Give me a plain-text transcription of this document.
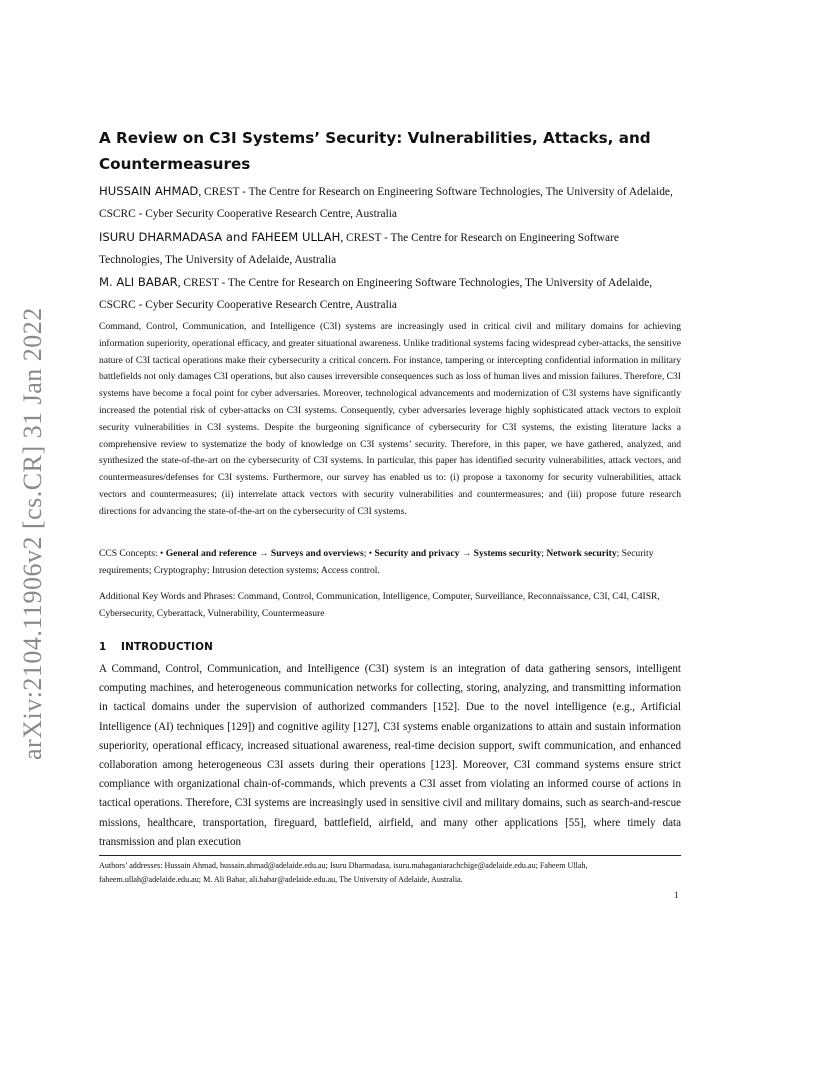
arXiv:2104.11906v2 [cs.CR] 31 Jan 2022
A Review on C3I Systems’ Security: Vulnerabilities, Attacks, and
Countermeasures

HUSSAIN AHMAD, CREST - The Centre for Research on Engineering Software Technologies, The University of Adelaide, CSCRC - Cyber Security Cooperative Research Centre, Australia

ISURU DHARMADASA and FAHEEM ULLAH, CREST - The Centre for Research on Engineering Software Technologies, The University of Adelaide, Australia

M. ALI BABAR, CREST - The Centre for Research on Engineering Software Technologies, The University of Adelaide, CSCRC - Cyber Security Cooperative Research Centre, Australia

Command, Control, Communication, and Intelligence (C3I) systems are increasingly used in critical civil and military domains for achieving information superiority, operational efficacy, and greater situational awareness. Unlike traditional systems facing widespread cyber-attacks, the sensitive nature of C3I tactical operations make their cybersecurity a critical concern. For instance, tampering or intercepting confidential information in military battlefields not only damages C3I operations, but also causes irreversible consequences such as loss of human lives and mission failures. Therefore, C3I systems have become a focal point for cyber adversaries. Moreover, technological advancements and modernization of C3I systems have significantly increased the potential risk of cyber-attacks on C3I systems. Consequently, cyber adversaries leverage highly sophisticated attack vectors to exploit security vulnerabilities in C3I systems. Despite the burgeoning significance of cybersecurity for C3I systems, the existing literature lacks a comprehensive review to systematize the body of knowledge on C3I systems’ security. Therefore, in this paper, we have gathered, analyzed, and synthesized the state-of-the-art on the cybersecurity of C3I systems. In particular, this paper has identified security vulnerabilities, attack vectors, and countermeasures/defenses for C3I systems. Furthermore, our survey has enabled us to: (i) propose a taxonomy for security vulnerabilities, attack vectors and countermeasures; (ii) interrelate attack vectors with security vulnerabilities and countermeasures; and (iii) propose future research directions for advancing the state-of-the-art on the cybersecurity of C3I systems.
CCS Concepts: • General and reference → Surveys and overviews; • Security and privacy → Systems security; Network security; Security requirements; Cryptography; Intrusion detection systems; Access control.
Additional Key Words and Phrases: Command, Control, Communication, Intelligence, Computer, Surveillance, Reconnaissance, C3I, C4I, C4ISR, Cybersecurity, Cyberattack, Vulnerability, Countermeasure
1 INTRODUCTION
A Command, Control, Communication, and Intelligence (C3I) system is an integration of data gathering sensors, intelligent computing machines, and heterogeneous communication networks for collecting, storing, analyzing, and transmitting information in tactical domains under the supervision of authorized commanders [152]. Due to the novel intelligence (e.g., Artificial Intelligence (AI) techniques [129]) and cognitive agility [127], C3I systems enable organizations to attain and sustain information superiority, operational efficacy, increased situational awareness, real-time decision support, swift communication, and enhanced collaboration among heterogeneous C3I assets during their operations [123]. Moreover, C3I command systems ensure strict compliance with organizational chain-of-commands, which prevents a C3I asset from violating an informed course of actions in tactical operations. Therefore, C3I systems are increasingly used in sensitive civil and military domains, such as search-and-rescue missions, healthcare, transportation, fireguard, battlefield, airfield, and many other applications [55], where timely data transmission and plan execution
Authors’ addresses: Hussain Ahmad, hussain.ahmad@adelaide.edu.au; Isuru Dharmadasa, isuru.mahaganiarachchige@adelaide.edu.au; Faheem Ullah, faheem.ullah@adelaide.edu.au; M. Ali Babar, ali.babar@adelaide.edu.au, The University of Adelaide, Australia.
1
